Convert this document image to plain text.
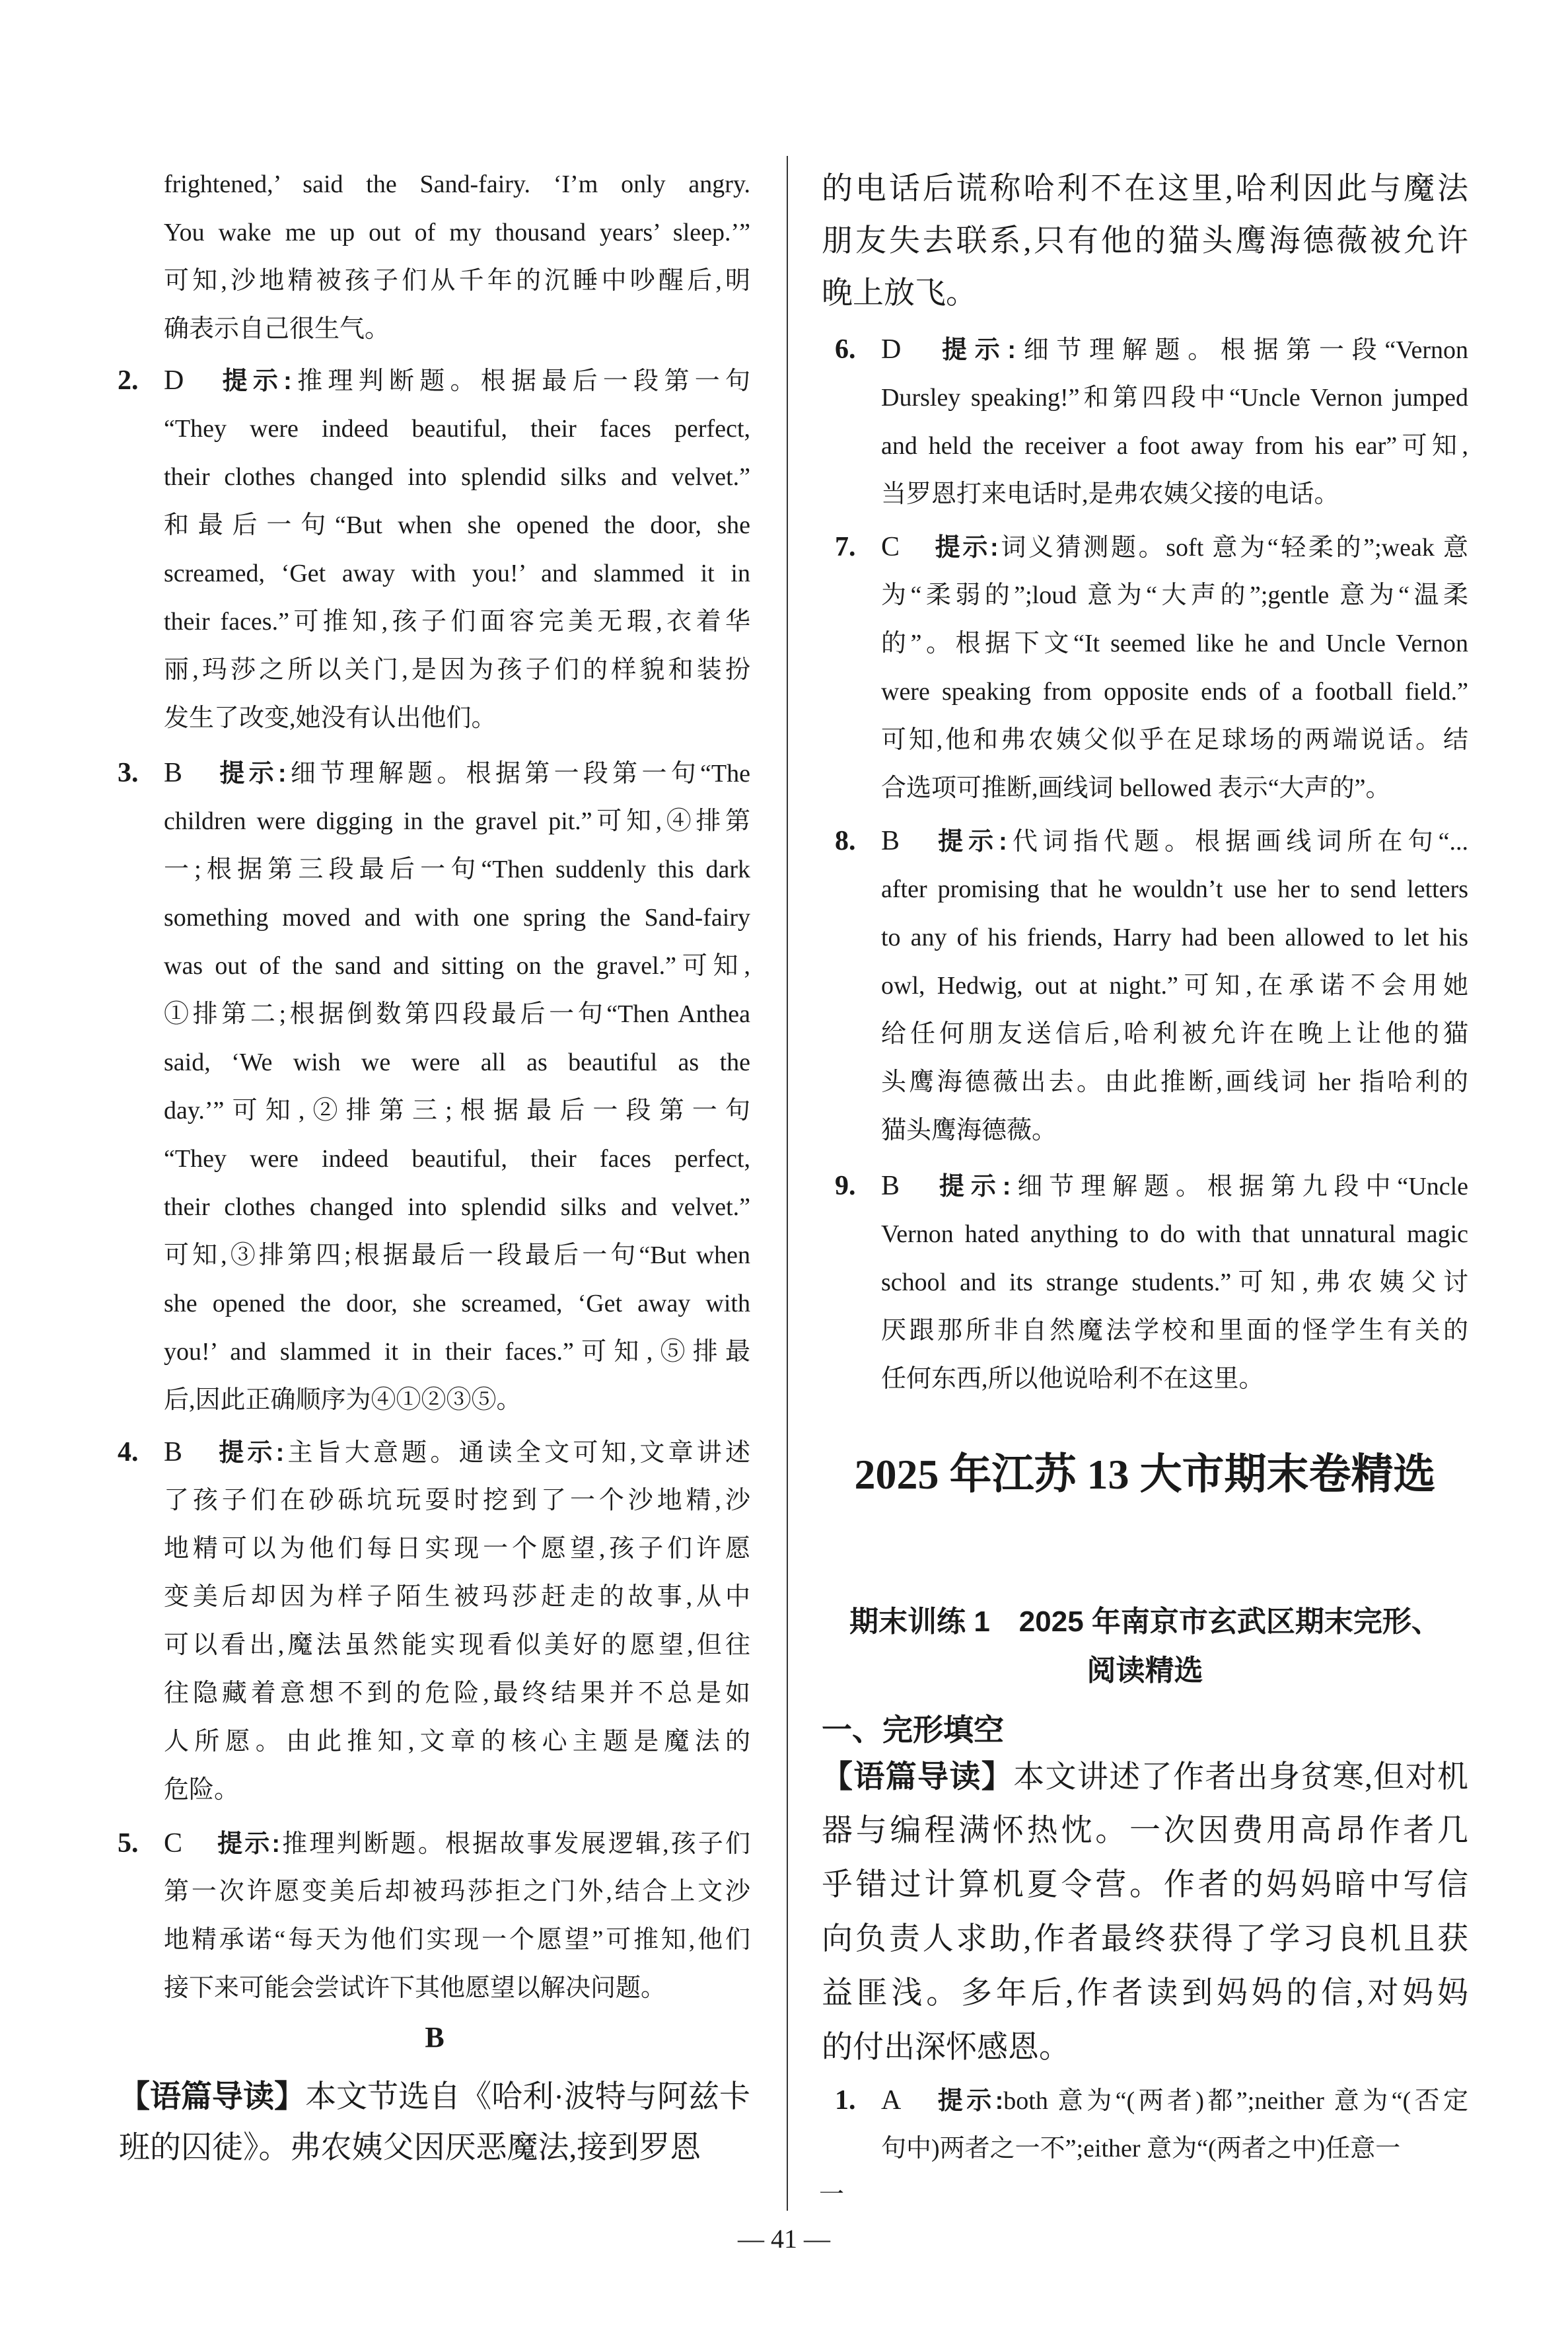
frightened,’ said the Sand-fairy. ‘I’m only angry.
You wake me up out of my thousand years’ sleep.’”
可知,沙地精被孩子们从千年的沉睡中吵醒后,明
确表示自己很生气。
2. D 提示:推理判断题。根据最后一段第一句
“They were indeed beautiful, their faces perfect,
their clothes changed into splendid silks and velvet.”
和最后一句“But when she opened the door, she
screamed, ‘Get away with you!’ and slammed it in
their faces.”可推知,孩子们面容完美无瑕,衣着华
丽,玛莎之所以关门,是因为孩子们的样貌和装扮
发生了改变,她没有认出他们。
3. B 提示:细节理解题。根据第一段第一句“The
children were digging in the gravel pit.”可知,④排第
一;根据第三段最后一句“Then suddenly this dark
something moved and with one spring the Sand-fairy
was out of the sand and sitting on the gravel.”可知,
①排第二;根据倒数第四段最后一句“Then Anthea
said, ‘We wish we were all as beautiful as the
day.’”可知,②排第三;根据最后一段第一句
“They were indeed beautiful, their faces perfect,
their clothes changed into splendid silks and velvet.”
可知,③排第四;根据最后一段最后一句“But when
she opened the door, she screamed, ‘Get away with
you!’ and slammed it in their faces.”可知,⑤排最
后,因此正确顺序为④①②③⑤。
4. B 提示:主旨大意题。通读全文可知,文章讲述
了孩子们在砂砾坑玩耍时挖到了一个沙地精,沙
地精可以为他们每日实现一个愿望,孩子们许愿
变美后却因为样子陌生被玛莎赶走的故事,从中
可以看出,魔法虽然能实现看似美好的愿望,但往
往隐藏着意想不到的危险,最终结果并不总是如
人所愿。由此推知,文章的核心主题是魔法的
危险。
5. C 提示:推理判断题。根据故事发展逻辑,孩子们
第一次许愿变美后却被玛莎拒之门外,结合上文沙
地精承诺“每天为他们实现一个愿望”可推知,他们
接下来可能会尝试许下其他愿望以解决问题。
B
【语篇导读】本文节选自《哈利·波特与阿兹卡
班的囚徒》。弗农姨父因厌恶魔法,接到罗恩
的电话后谎称哈利不在这里,哈利因此与魔法
朋友失去联系,只有他的猫头鹰海德薇被允许
晚上放飞。
6. D 提示:细节理解题。根据第一段“Vernon
Dursley speaking!”和第四段中“Uncle Vernon jumped
and held the receiver a foot away from his ear”可知,
当罗恩打来电话时,是弗农姨父接的电话。
7. C 提示:词义猜测题。soft 意为“轻柔的”;weak 意
为“柔弱的”;loud 意为“大声的”;gentle 意为“温柔
的”。根据下文“It seemed like he and Uncle Vernon
were speaking from opposite ends of a football field.”
可知,他和弗农姨父似乎在足球场的两端说话。结
合选项可推断,画线词 bellowed 表示“大声的”。
8. B 提示:代词指代题。根据画线词所在句“...
after promising that he wouldn’t use her to send letters
to any of his friends, Harry had been allowed to let his
owl, Hedwig, out at night.”可知,在承诺不会用她
给任何朋友送信后,哈利被允许在晚上让他的猫
头鹰海德薇出去。由此推断,画线词 her 指哈利的
猫头鹰海德薇。
9. B 提示:细节理解题。根据第九段中“Uncle
Vernon hated anything to do with that unnatural magic
school and its strange students.”可知,弗农姨父讨
厌跟那所非自然魔法学校和里面的怪学生有关的
任何东西,所以他说哈利不在这里。
2025 年江苏 13 大市期末卷精选
期末训练 1　2025 年南京市玄武区期末完形、
阅读精选
一、完形填空
【语篇导读】本文讲述了作者出身贫寒,但对机
器与编程满怀热忱。一次因费用高昂作者几
乎错过计算机夏令营。作者的妈妈暗中写信
向负责人求助,作者最终获得了学习良机且获
益匪浅。多年后,作者读到妈妈的信,对妈妈
的付出深怀感恩。
1. A 提示:both 意为“(两者)都”;neither 意为“(否定
句中)两者之一不”;either 意为“(两者之中)任意一
一
— 41 —
